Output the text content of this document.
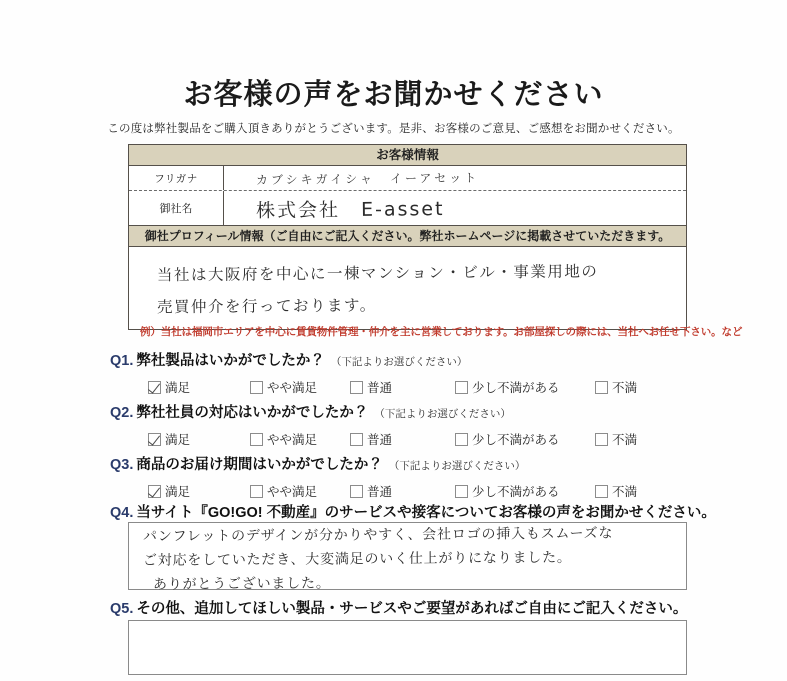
お客様の声をお聞かせください
この度は弊社製品をご購入頂きありがとうございます。是非、お客様のご意見、ご感想をお聞かせください。
お客様情報
フリガナ	カブシキガイシャ　イーアセット
御社名	株式会社　E-asset
御社プロフィール情報（ご自由にご記入ください。弊社ホームページに掲載させていただきます。
当社は大阪府を中心に一棟マンション・ビル・事業用地の
売買仲介を行っております。
例）当社は福岡市エリアを中心に賃貸物件管理・仲介を主に営業しております。お部屋探しの際には、当社へお任せ下さい。など
Q1. 弊社製品はいかがでしたか？ （下記よりお選びください）
満足	やや満足	普通	少し不満がある	不満
Q2. 弊社社員の対応はいかがでしたか？ （下記よりお選びください）
満足	やや満足	普通	少し不満がある	不満
Q3. 商品のお届け期間はいかがでしたか？ （下記よりお選びください）
満足	やや満足	普通	少し不満がある	不満
Q4. 当サイト『GO!GO! 不動産』のサービスや接客についてお客様の声をお聞かせください。
パンフレットのデザインが分かりやすく、会社ロゴの挿入もスムーズな
ご対応をしていただき、大変満足のいく仕上がりになりました。
ありがとうございました。
Q5. その他、追加してほしい製品・サービスやご要望があればご自由にご記入ください。
